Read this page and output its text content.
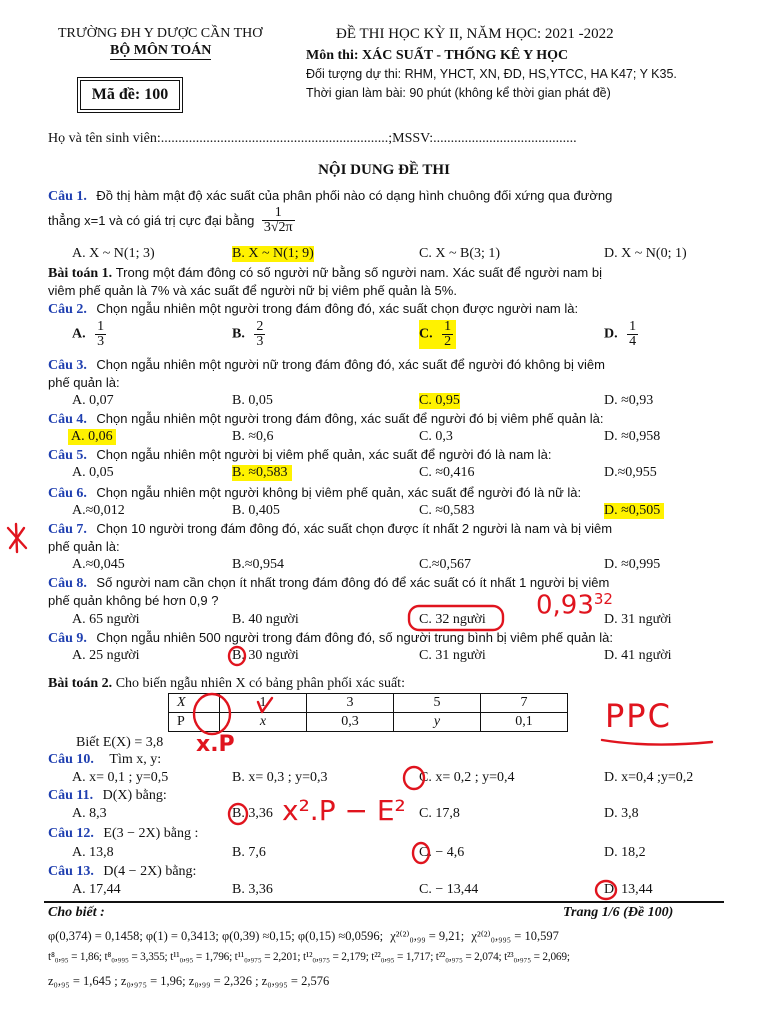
TRƯỜNG ĐH Y DƯỢC CẦN THƠ
BỘ MÔN TOÁN
Mã đề: 100
ĐỀ THI HỌC KỲ II, NĂM HỌC: 2021 -2022
Môn thi: XÁC SUẤT - THỐNG KÊ Y HỌC
Đối tượng dự thi: RHM, YHCT, XN, ĐD, HS,YTCC, HA K47; Y K35.
Thời gian làm bài: 90 phút (không kể thời gian phát đề)
Họ và tên sinh viên:.................................................................;MSSV:.........................................
NỘI DUNG ĐỀ THI
Câu 1. Đồ thị hàm mật độ xác suất của phân phối nào có dạng hình chuông đối xứng qua đường
thẳng x=1 và có giá trị cực đại bằng $\frac{1}{3√2\pi}$
A. X ~ N(1; 3)	B. X ~ N(1; 9)	C. X ~ B(3; 1)	D. X ~ N(0; 1)
Bài toán 1. Trong một đám đông có số người nữ bằng số người nam. Xác suất để người nam bị
viêm phế quản là 7% và xác suất để người nữ bị viêm phế quản là 5%.
Câu 2. Chọn ngẫu nhiên một người trong đám đông đó, xác suất chọn được người nam là:
A. $\frac{1}{3}$	B. $\frac{2}{3}$	C. $\frac{1}{2}$	D. $\frac{1}{4}$
Câu 3. Chọn ngẫu nhiên một người nữ trong đám đông đó, xác suất để người đó không bị viêm
phế quản là:
A. 0,07	B. 0,05	C. 0,95	D. ≈0,93
Câu 4. Chọn ngẫu nhiên một người trong đám đông, xác suất để người đó bị viêm phế quản là:
A. 0,06	B. ≈0,6	C. 0,3	D. ≈0,958
Câu 5. Chọn ngẫu nhiên một người bị viêm phế quản, xác suất để người đó là nam là:
A. 0,05	B. ≈0,583	C. ≈0,416	D.≈0,955
Câu 6. Chọn ngẫu nhiên một người không bị viêm phế quản, xác suất để người đó là nữ là:
A.≈0,012	B. 0,405	C. ≈0,583	D. ≈0,505
Câu 7. Chọn 10 người trong đám đông đó, xác suất chọn được ít nhất 2 người là nam và bị viêm
phế quản là:
A.≈0,045	B.≈0,954	C.≈0,567	D. ≈0,995
Câu 8. Số người nam cần chọn ít nhất trong đám đông đó để xác suất có ít nhất 1 người bị viêm
phế quản không bé hơn 0,9 ?
A. 65 người	B. 40 người	C. 32 người	D. 31 người
Câu 9. Chọn ngẫu nhiên 500 người trong đám đông đó, số người trung bình bị viêm phế quản là:
A. 25 người	B. 30 người	C. 31 người	D. 41 người
Bài toán 2. Cho biến ngẫu nhiên X có bảng phân phối xác suất:
X	1	3	5	7
P	x	0,3	y	0,1
Biết E(X) = 3,8
Câu 10. Tìm x, y:
A. x= 0,1 ; y=0,5	B. x= 0,3 ; y=0,3	C. x= 0,2 ; y=0,4	D. x=0,4 ;y=0,2
Câu 11. D(X) bằng:
A. 8,3	B. 3,36	C. 17,8	D. 3,8
Câu 12. E(3 − 2X) bằng :
A. 13,8	B. 7,6	C. − 4,6	D. 18,2
Câu 13. D(4 − 2X) bằng:
A. 17,44	B. 3,36	C. − 13,44	D. 13,44
Cho biết :	Trang 1/6 (Đề 100)
φ(0,374) = 0,1458; φ(1) = 0,3413; φ(0,39) ≈0,15; φ(0,15) ≈0,0596; χ²⁽²⁾₀,₉₉ = 9,21; χ²⁽²⁾₀,₉₉₅ = 10,597
t⁸₀,₉₅ = 1,86; t⁸₀,₉₉₅ = 3,355; t¹¹₀,₉₅ = 1,796; t¹¹₀,₉₇₅ = 2,201; t¹²₀,₉₇₅ = 2,179; t²²₀,₉₅ = 1,717; t²²₀,₉₇₅ = 2,074; t²³₀,₉₇₅ = 2,069;
z₀,₉₅ = 1,645 ; z₀,₉₇₅ = 1,96; z₀,₉₉ = 2,326 ; z₀,₉₉₅ = 2,576
0,93$^{32}$
PPC
x.P
x².P − E²
